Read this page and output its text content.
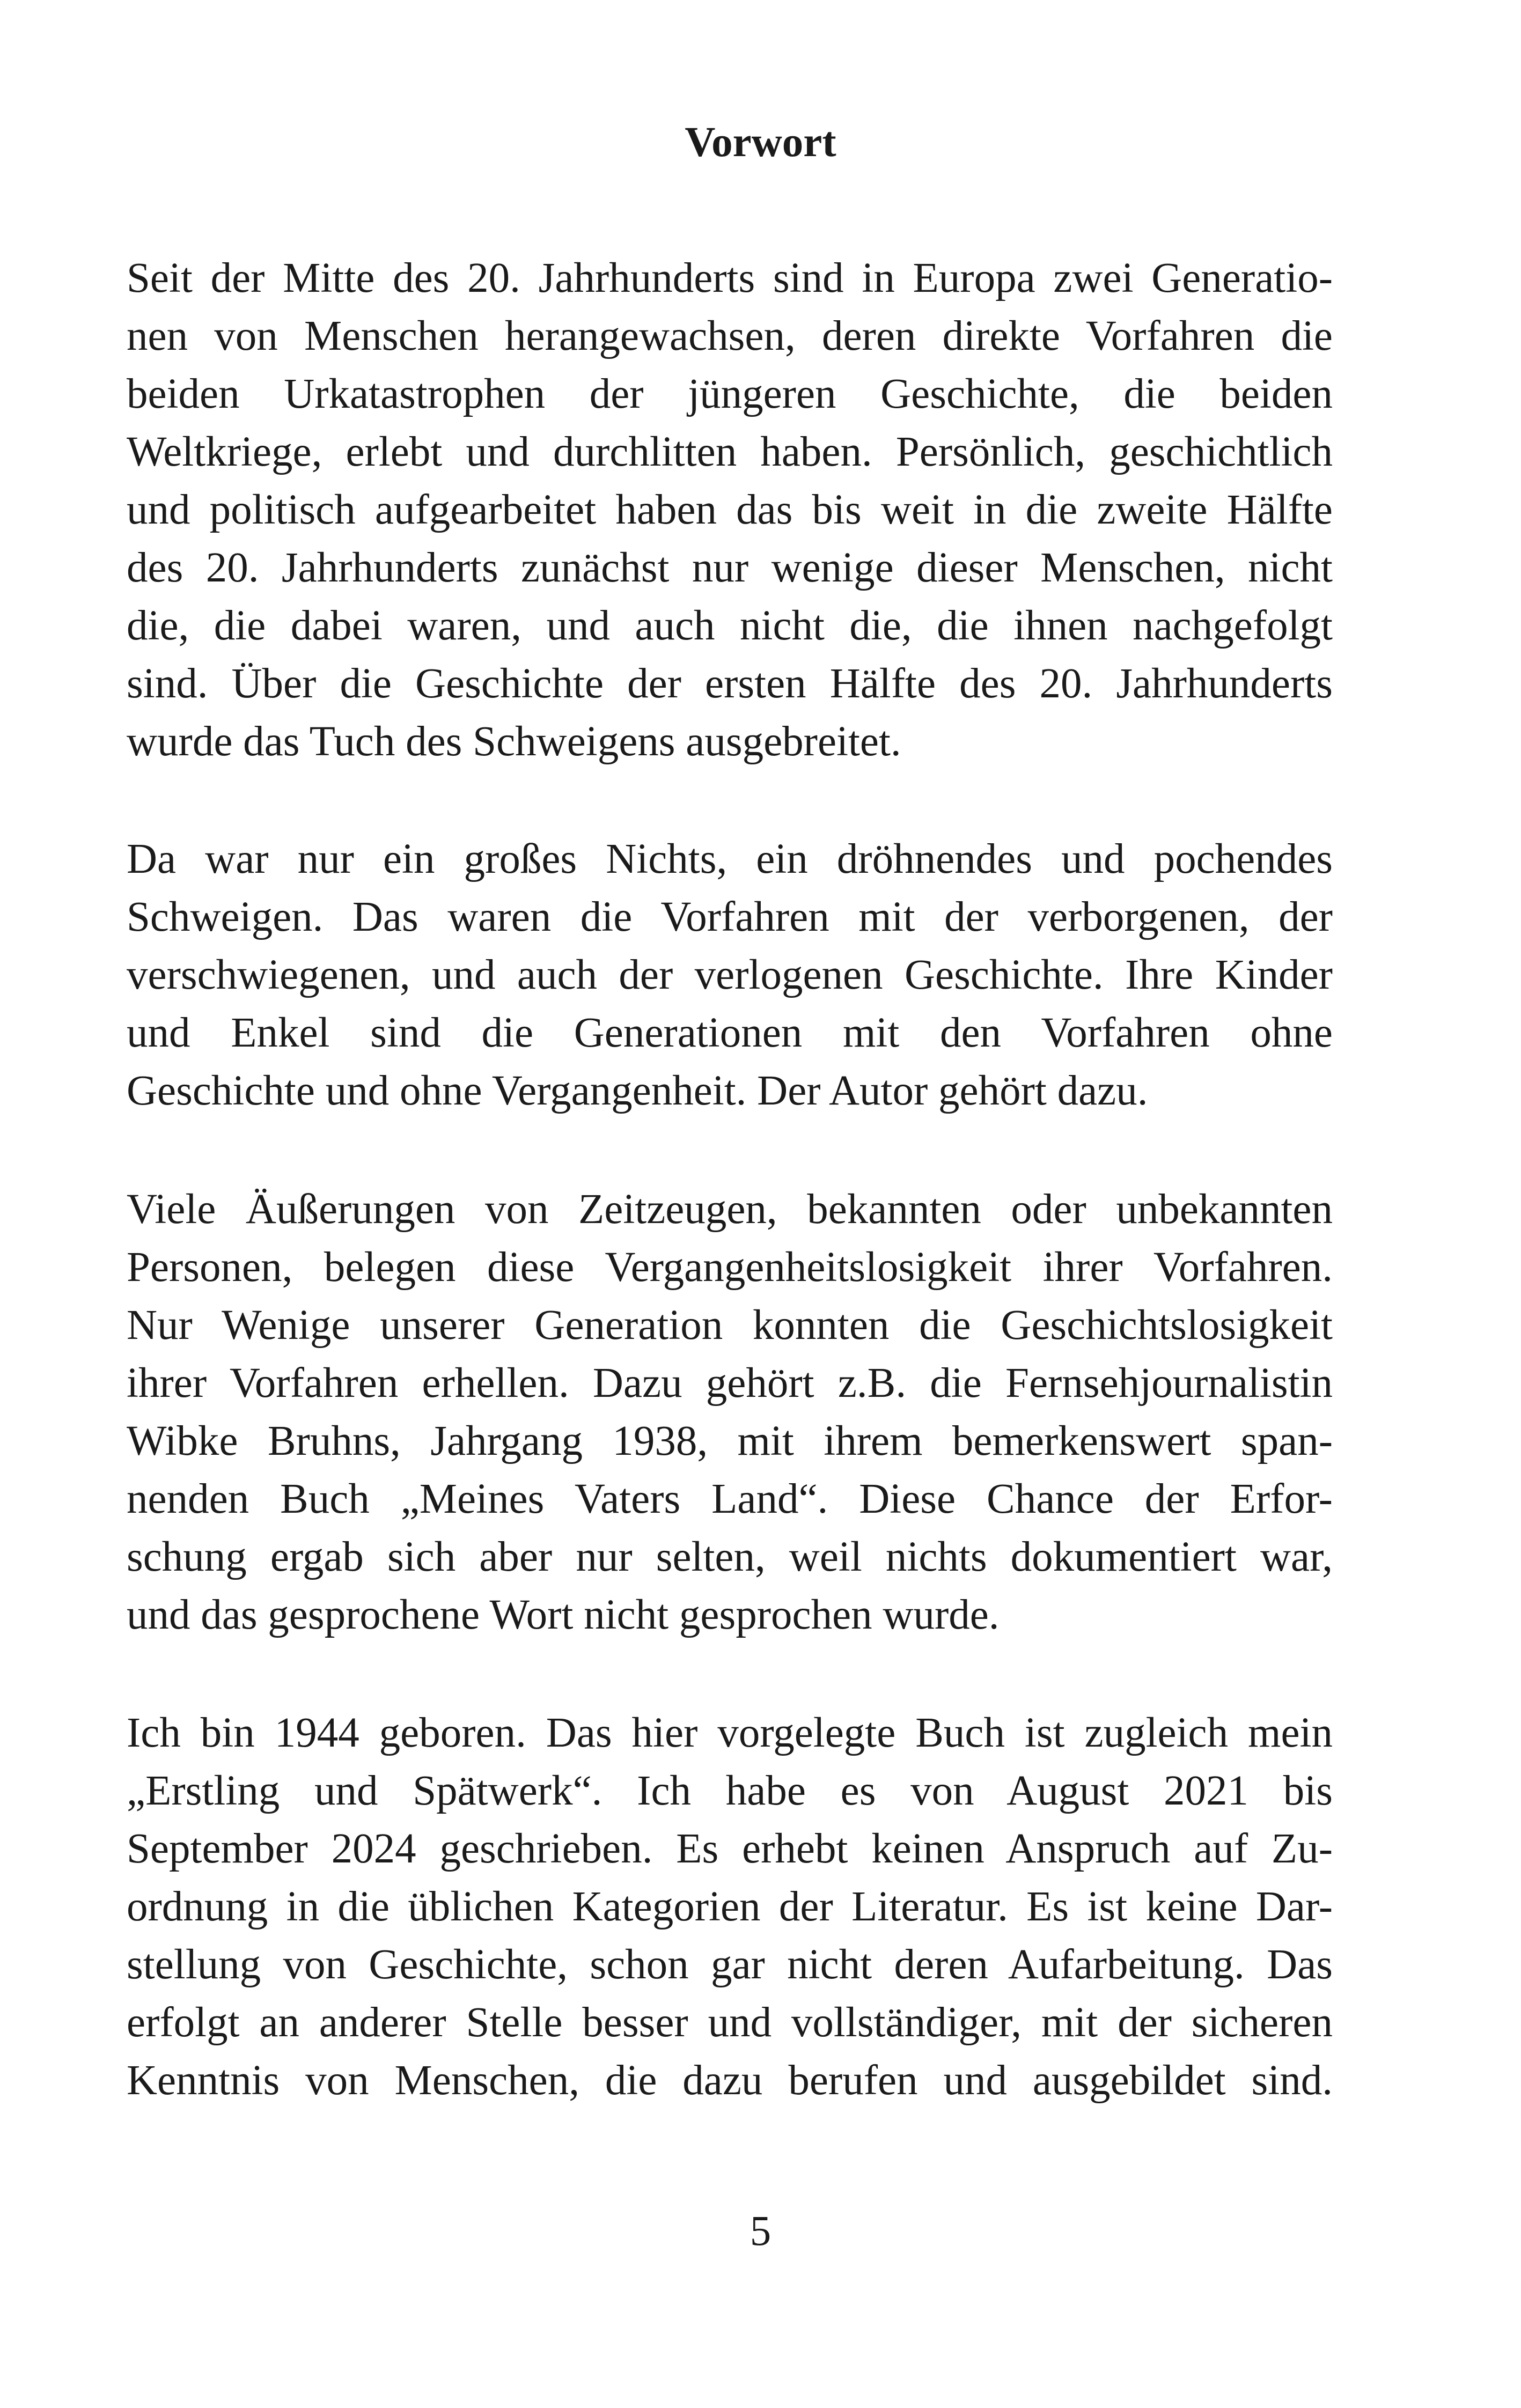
Vorwort
Seit der Mitte des 20. Jahrhunderts sind in Europa zwei Generatio-
nen von Menschen herangewachsen, deren direkte Vorfahren die
beiden Urkatastrophen der jüngeren Geschichte, die beiden
Weltkriege, erlebt und durchlitten haben. Persönlich, geschichtlich
und politisch aufgearbeitet haben das bis weit in die zweite Hälfte
des 20. Jahrhunderts zunächst nur wenige dieser Menschen, nicht
die, die dabei waren, und auch nicht die, die ihnen nachgefolgt
sind. Über die Geschichte der ersten Hälfte des 20. Jahrhunderts
wurde das Tuch des Schweigens ausgebreitet.
Da war nur ein großes Nichts, ein dröhnendes und pochendes
Schweigen. Das waren die Vorfahren mit der verborgenen, der
verschwiegenen, und auch der verlogenen Geschichte. Ihre Kinder
und Enkel sind die Generationen mit den Vorfahren ohne
Geschichte und ohne Vergangenheit. Der Autor gehört dazu.
Viele Äußerungen von Zeitzeugen, bekannten oder unbekannten
Personen, belegen diese Vergangenheitslosigkeit ihrer Vorfahren.
Nur Wenige unserer Generation konnten die Geschichtslosigkeit
ihrer Vorfahren erhellen. Dazu gehört z.B. die Fernsehjournalistin
Wibke Bruhns, Jahrgang 1938, mit ihrem bemerkenswert span-
nenden Buch „Meines Vaters Land“. Diese Chance der Erfor-
schung ergab sich aber nur selten, weil nichts dokumentiert war,
und das gesprochene Wort nicht gesprochen wurde.
Ich bin 1944 geboren. Das hier vorgelegte Buch ist zugleich mein
„Erstling und Spätwerk“. Ich habe es von August 2021 bis
September 2024 geschrieben. Es erhebt keinen Anspruch auf Zu-
ordnung in die üblichen Kategorien der Literatur. Es ist keine Dar-
stellung von Geschichte, schon gar nicht deren Aufarbeitung. Das
erfolgt an anderer Stelle besser und vollständiger, mit der sicheren
Kenntnis von Menschen, die dazu berufen und ausgebildet sind.
5
